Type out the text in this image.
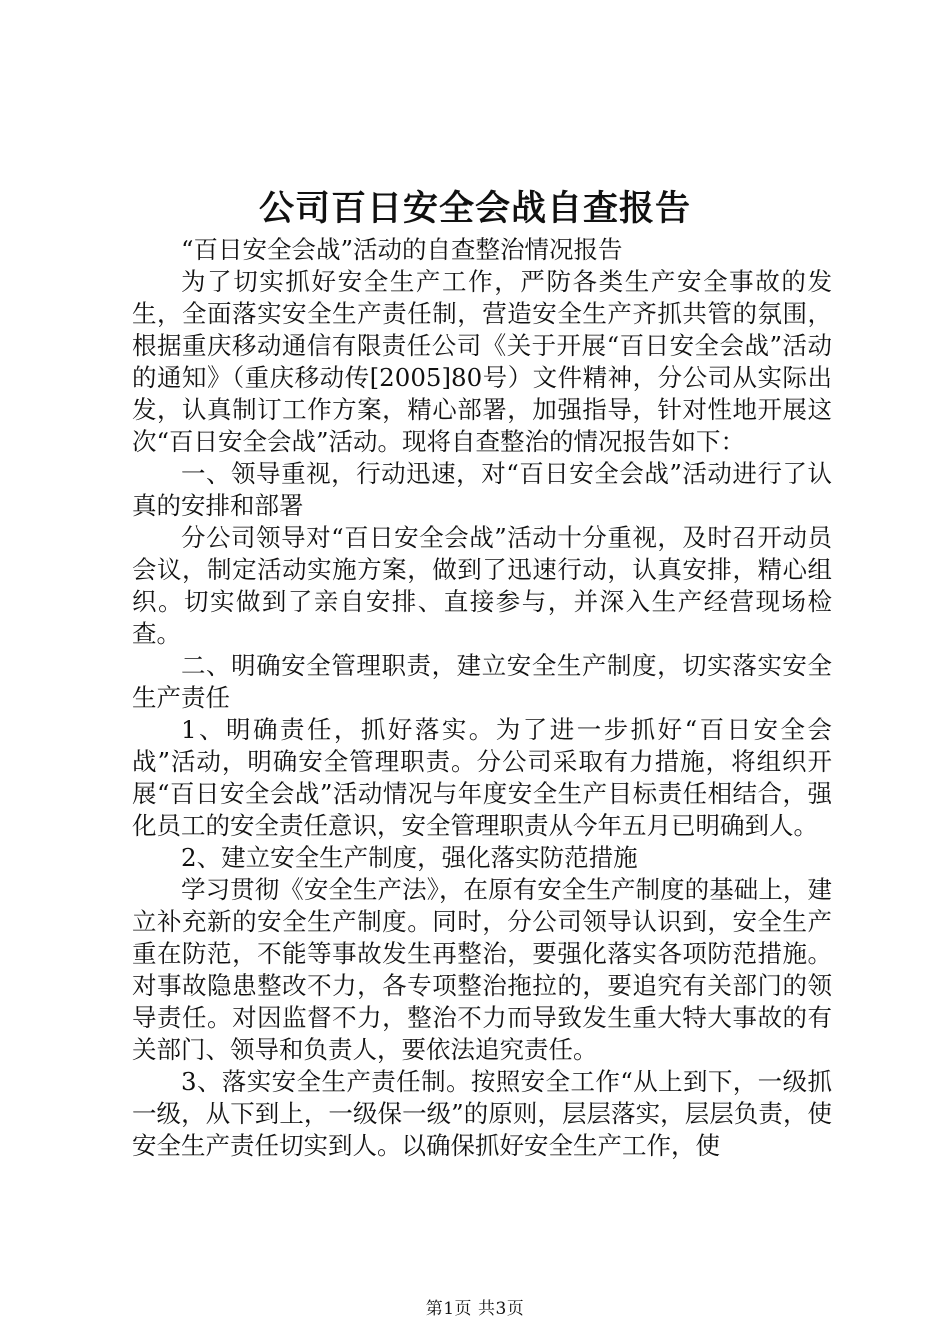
公司百日安全会战自查报告

“百日安全会战”活动的自查整治情况报告

为了切实抓好安全生产工作，严防各类生产安全事故的发生，全面落实安全生产责任制，营造安全生产齐抓共管的氛围，根据重庆移动通信有限责任公司《关于开展“百日安全会战”活动的通知》（重庆移动传[2005]80号）文件精神，分公司从实际出发，认真制订工作方案，精心部署，加强指导，针对性地开展这次“百日安全会战”活动。现将自查整治的情况报告如下：

一、领导重视，行动迅速，对“百日安全会战”活动进行了认真的安排和部署

分公司领导对“百日安全会战”活动十分重视，及时召开动员会议，制定活动实施方案，做到了迅速行动，认真安排，精心组织。切实做到了亲自安排、直接参与，并深入生产经营现场检查。

二、明确安全管理职责，建立安全生产制度，切实落实安全生产责任

1、明确责任，抓好落实。为了进一步抓好“百日安全会战”活动，明确安全管理职责。分公司采取有力措施，将组织开展“百日安全会战”活动情况与年度安全生产目标责任相结合，强化员工的安全责任意识，安全管理职责从今年五月已明确到人。

2、建立安全生产制度，强化落实防范措施

学习贯彻《安全生产法》，在原有安全生产制度的基础上，建立补充新的安全生产制度。同时，分公司领导认识到，安全生产重在防范，不能等事故发生再整治，要强化落实各项防范措施。对事故隐患整改不力，各专项整治拖拉的，要追究有关部门的领导责任。对因监督不力，整治不力而导致发生重大特大事故的有关部门、领导和负责人，要依法追究责任。

3、落实安全生产责任制。按照安全工作“从上到下，一级抓一级，从下到上，一级保一级”的原则，层层落实，层层负责，使安全生产责任切实到人。以确保抓好安全生产工作，使

第1页 共3页
